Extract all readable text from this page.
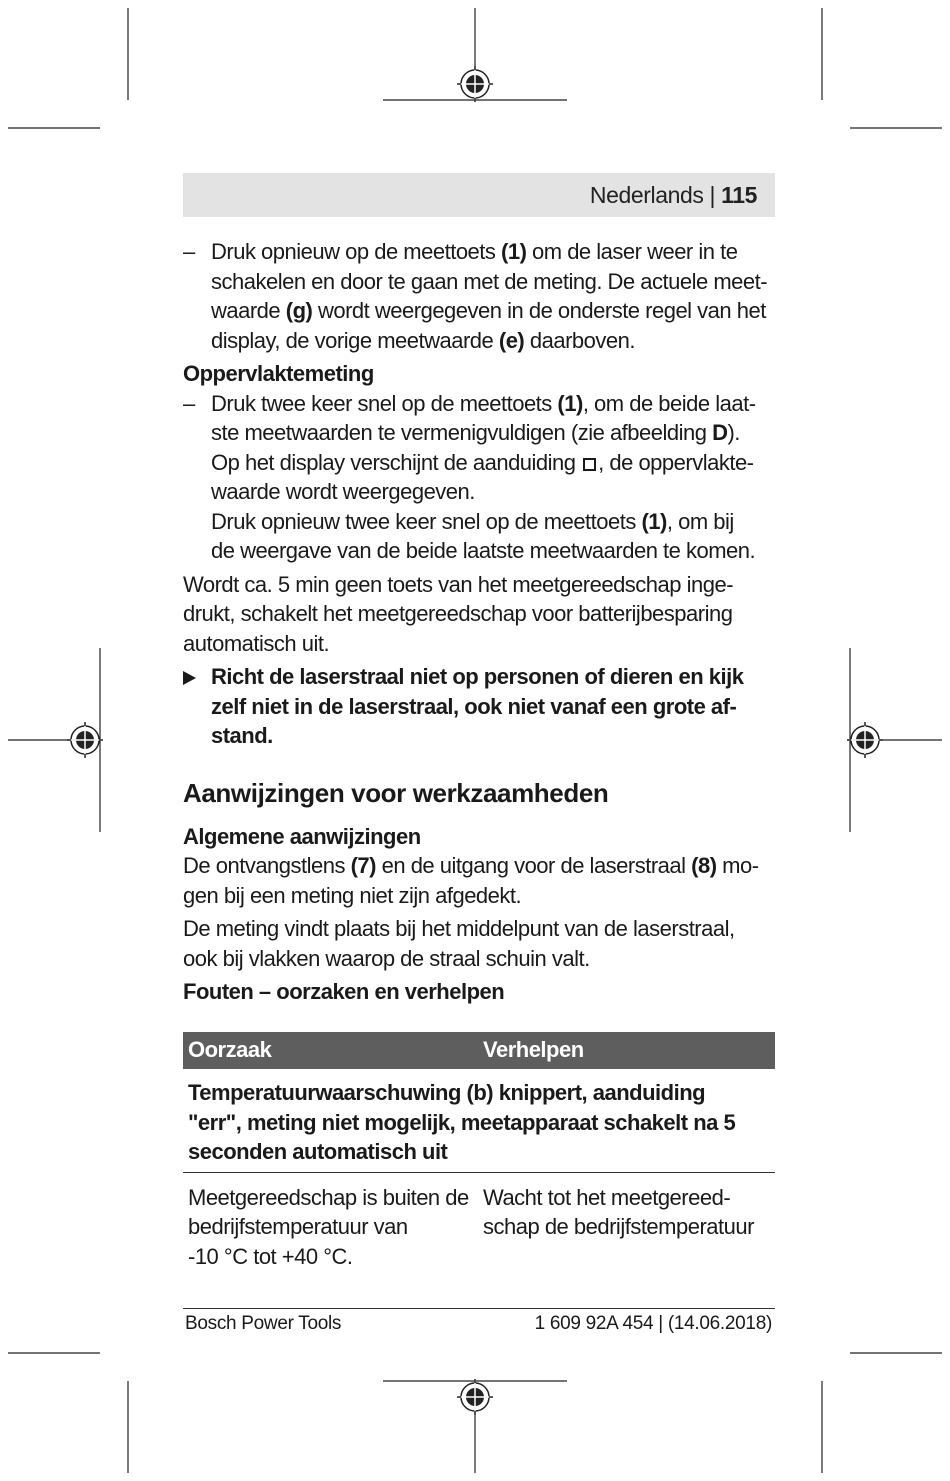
Nederlands | 115
– Druk opnieuw op de meettoets (1) om de laser weer in te
schakelen en door te gaan met de meting. De actuele meet-
waarde (g) wordt weergegeven in de onderste regel van het
display, de vorige meetwaarde (e) daarboven.
Oppervlaktemeting
– Druk twee keer snel op de meettoets (1), om de beide laat-
ste meetwaarden te vermenigvuldigen (zie afbeelding D).
Op het display verschijnt de aanduiding , de oppervlakte-
waarde wordt weergegeven.
Druk opnieuw twee keer snel op de meettoets (1), om bij
de weergave van de beide laatste meetwaarden te komen.
Wordt ca. 5 min geen toets van het meetgereedschap inge-
drukt, schakelt het meetgereedschap voor batterijbesparing
automatisch uit.
Richt de laserstraal niet op personen of dieren en kijk
zelf niet in de laserstraal, ook niet vanaf een grote af-
stand.
Aanwijzingen voor werkzaamheden
Algemene aanwijzingen
De ontvangstlens (7) en de uitgang voor de laserstraal (8) mo-
gen bij een meting niet zijn afgedekt.
De meting vindt plaats bij het middelpunt van de laserstraal,
ook bij vlakken waarop de straal schuin valt.
Fouten – oorzaken en verhelpen
Oorzaak	Verhelpen
Temperatuurwaarschuwing (b) knippert, aanduiding
"err", meting niet mogelijk, meetapparaat schakelt na 5
seconden automatisch uit
Meetgereedschap is buiten de
bedrijfstemperatuur van
-10 °C tot +40 °C.
Wacht tot het meetgereed-
schap de bedrijfstemperatuur
Bosch Power Tools	1 609 92A 454 | (14.06.2018)
